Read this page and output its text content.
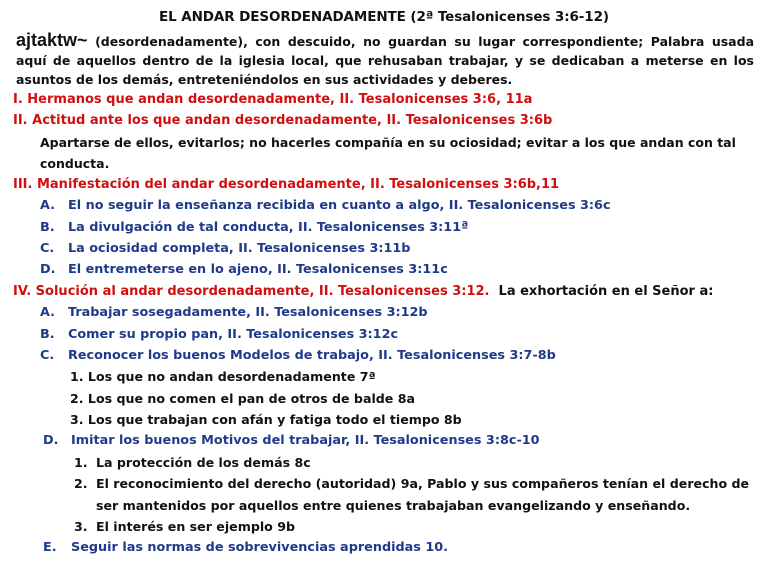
EL ANDAR DESORDENADAMENTE (2ª Tesalonicenses 3:6-12)
ajtaktw~ (desordenadamente), con descuido, no guardan su lugar correspondiente; Palabra usada aquí de aquellos dentro de la iglesia local, que rehusaban trabajar, y se dedicaban a meterse en los asuntos de los demás, entreteniéndolos en sus actividades y deberes.
I. Hermanos que andan desordenadamente, II. Tesalonicenses 3:6, 11a
II. Actitud ante los que andan desordenadamente, II. Tesalonicenses 3:6b
Apartarse de ellos, evitarlos; no hacerles compañía en su ociosidad; evitar a los que andan con tal conducta.
III. Manifestación del andar desordenadamente, II. Tesalonicenses 3:6b,11
A. El no seguir la enseñanza recibida en cuanto a algo, II. Tesalonicenses 3:6c
B. La divulgación de tal conducta, II. Tesalonicenses 3:11ª
C. La ociosidad completa, II. Tesalonicenses 3:11b
D. El entremeterse en lo ajeno, II. Tesalonicenses 3:11c
IV. Solución al andar desordenadamente, II. Tesalonicenses 3:12.  La exhortación en el Señor a:
A. Trabajar sosegadamente, II. Tesalonicenses 3:12b
B. Comer su propio pan, II. Tesalonicenses 3:12c
C. Reconocer los buenos Modelos de trabajo, II. Tesalonicenses 3:7-8b
1. Los que no andan desordenadamente 7ª
2. Los que no comen el pan de otros de balde 8a
3. Los que trabajan con afán y fatiga todo el tiempo 8b
D. Imitar los buenos Motivos del trabajar, II. Tesalonicenses 3:8c-10
1. La protección de los demás 8c
2. El reconocimiento del derecho (autoridad) 9a, Pablo y sus compañeros tenían el derecho de ser mantenidos por aquellos entre quienes trabajaban evangelizando y enseñando.
3. El interés en ser ejemplo 9b
E. Seguir las normas de sobrevivencias aprendidas 10.
